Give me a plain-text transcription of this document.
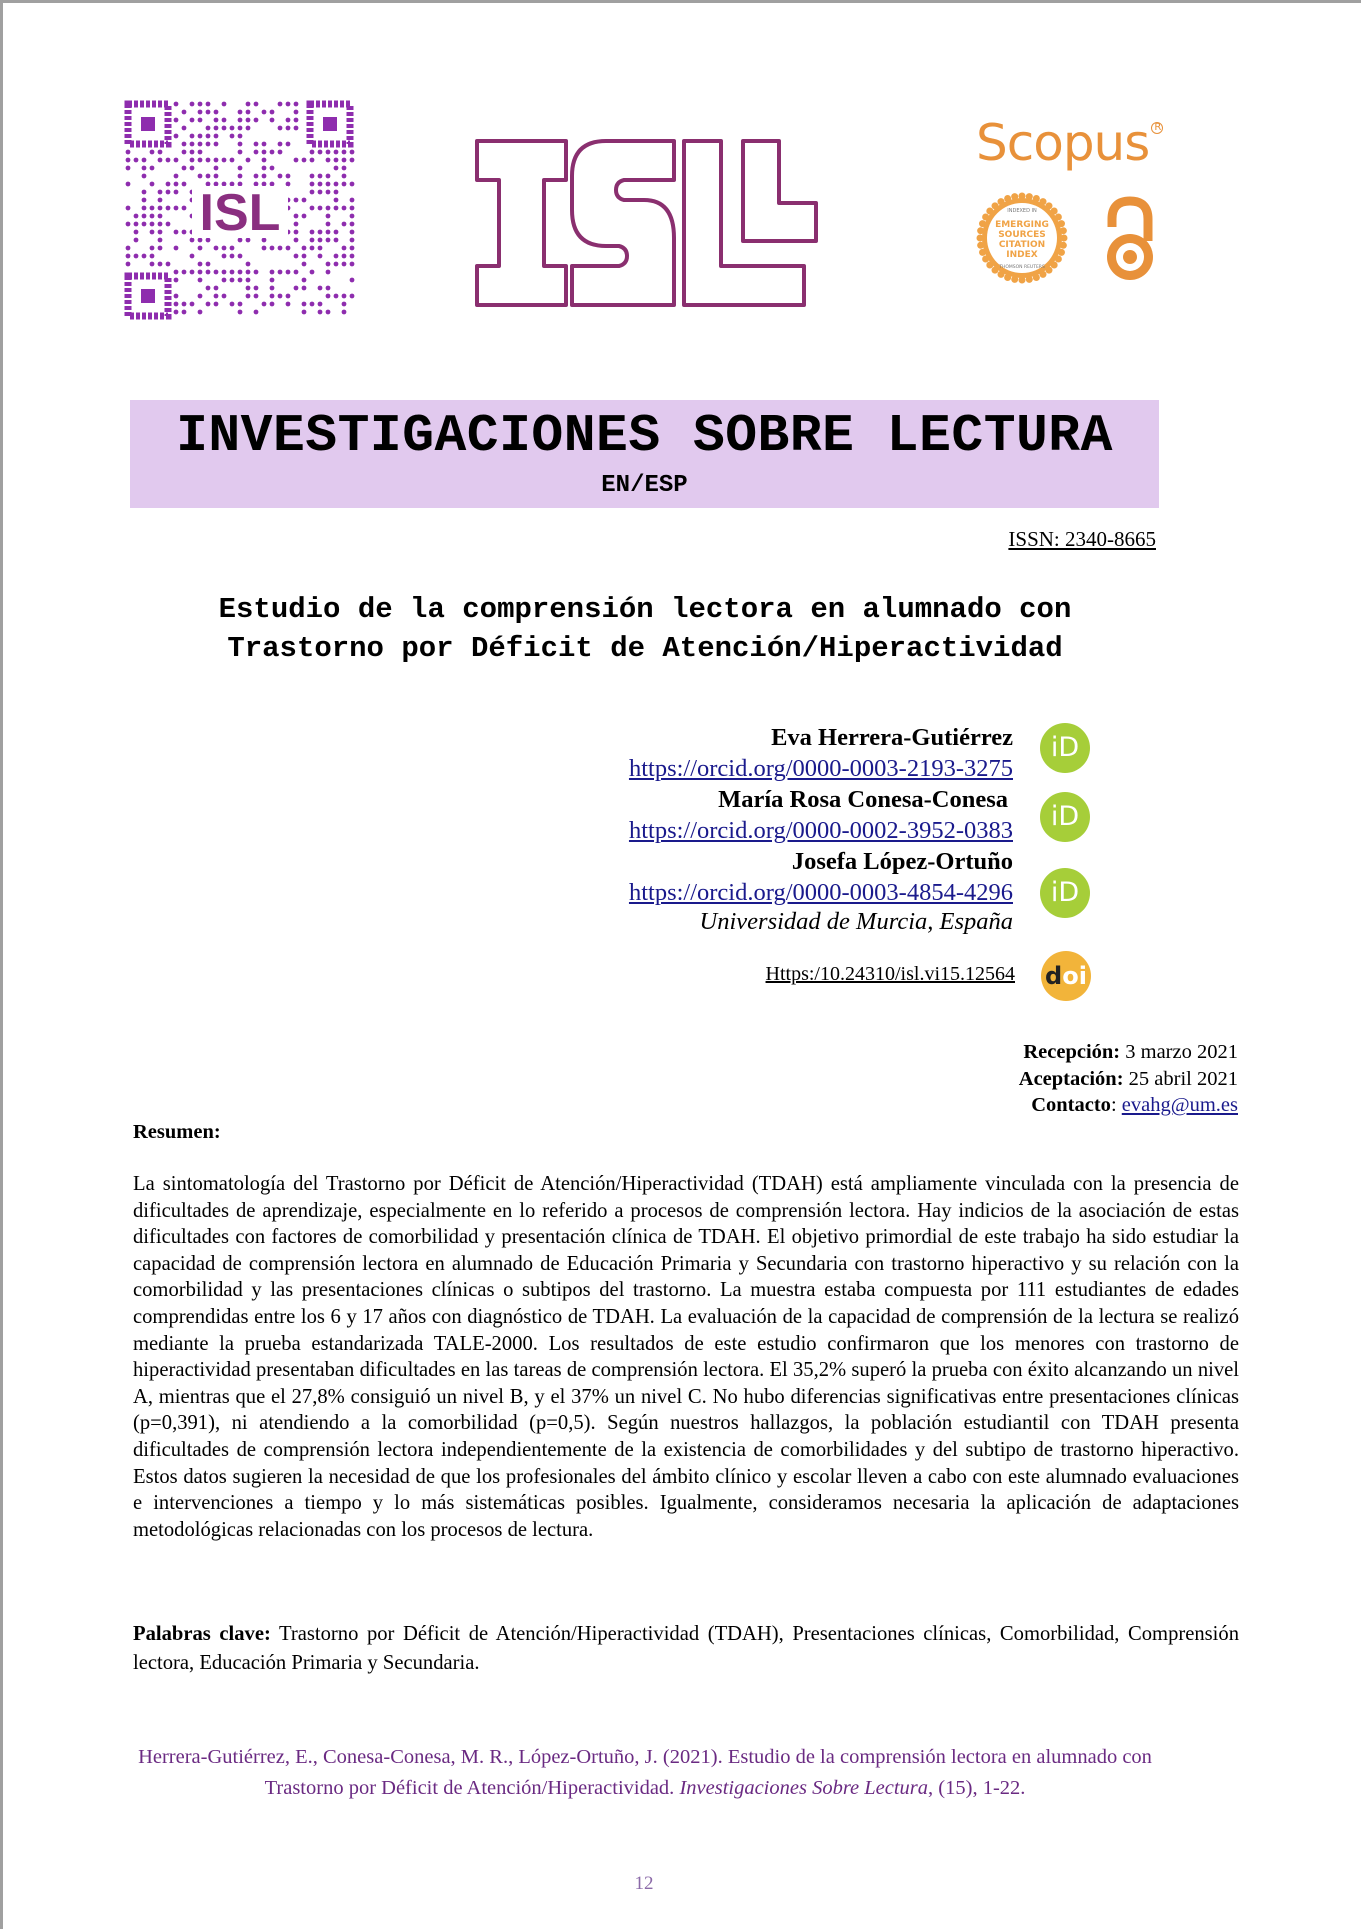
ISL
Scopus R
INDEXED IN
EMERGING
SOURCES
CITATION
INDEX
THOMSON REUTERS
INVESTIGACIONES SOBRE LECTURA
EN/ESP
ISSN: 2340-8665
Estudio de la comprensión lectora en alumnado con
Trastorno por Déficit de Atención/Hiperactividad
Eva Herrera-Gutiérrez
https://orcid.org/0000-0003-2193-3275
iD
María Rosa Conesa-Conesa
https://orcid.org/0000-0002-3952-0383	iD
Josefa López-Ortuño
https://orcid.org/0000-0003-4854-4296	iD
Universidad de Murcia, España
Https:/10.24310/isl.vi15.12564 doi
Recepción: 3 marzo 2021
Aceptación: 25 abril 2021
Contacto: evahg@um.es
Resumen:
La sintomatología del Trastorno por Déficit de Atención/Hiperactividad (TDAH) está ampliamente vinculada con la presencia de dificultades de aprendizaje, especialmente en lo referido a procesos de comprensión lectora. Hay indicios de la asociación de estas dificultades con factores de comorbilidad y presentación clínica de TDAH. El objetivo primordial de este trabajo ha sido estudiar la capacidad de comprensión lectora en alumnado de Educación Primaria y Secundaria con trastorno hiperactivo y su relación con la comorbilidad y las presentaciones clínicas o subtipos del trastorno. La muestra estaba compuesta por 111 estudiantes de edades comprendidas entre los 6 y 17 años con diagnóstico de TDAH. La evaluación de la capacidad de comprensión de la lectura se realizó mediante la prueba estandarizada TALE-2000. Los resultados de este estudio confirmaron que los menores con trastorno de hiperactividad presentaban dificultades en las tareas de comprensión lectora. El 35,2% superó la prueba con éxito alcanzando un nivel A, mientras que el 27,8% consiguió un nivel B, y el 37% un nivel C. No hubo diferencias significativas entre presentaciones clínicas (p=0,391), ni atendiendo a la comorbilidad (p=0,5). Según nuestros hallazgos, la población estudiantil con TDAH presenta dificultades de comprensión lectora independientemente de la existencia de comorbilidades y del subtipo de trastorno hiperactivo. Estos datos sugieren la necesidad de que los profesionales del ámbito clínico y escolar lleven a cabo con este alumnado evaluaciones e intervenciones a tiempo y lo más sistemáticas posibles. Igualmente, consideramos necesaria la aplicación de adaptaciones metodológicas relacionadas con los procesos de lectura.
Palabras clave: Trastorno por Déficit de Atención/Hiperactividad (TDAH), Presentaciones clínicas, Comorbilidad, Comprensión lectora, Educación Primaria y Secundaria.
Herrera-Gutiérrez, E., Conesa-Conesa, M. R., López-Ortuño, J. (2021). Estudio de la comprensión lectora en alumnado con Trastorno por Déficit de Atención/Hiperactividad. Investigaciones Sobre Lectura, (15), 1-22.
12
